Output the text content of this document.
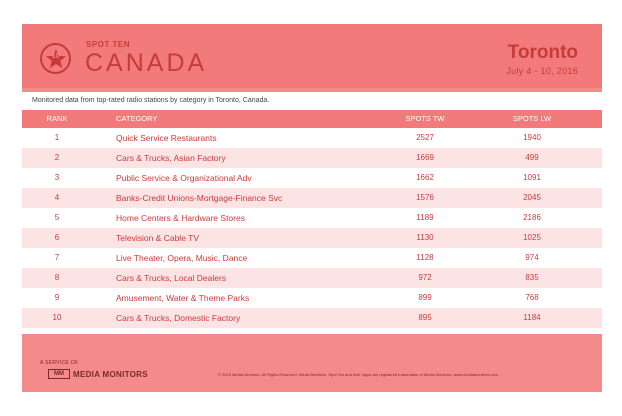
10
SPOT TEN
CANADA	Toronto
July 4 - 10, 2016
Monitored data from top-rated radio stations by category in Toronto, Canada.
RANK	CATEGORY	SPOTS TW	SPOTS LW
1	Quick Service Restaurants	2527	1940
2	Cars & Trucks, Asian Factory	1669	499
3	Public Service & Organizational Adv	1662	1091
4	Banks-Credit Unions-Mortgage-Finance Svc	1576	2045
5	Home Centers & Hardware Stores	1189	2186
6	Television & Cable TV	1130	1025
7	Live Theater, Opera, Music, Dance	1128	974
8	Cars & Trucks, Local Dealers	972	835
9	Amusement, Water & Theme Parks	899	768
10	Cars & Trucks, Domestic Factory	895	1184
A SERVICE OF
MM MEDIA MONITORS	© 2016 Media Monitors. All Rights Reserved. Media Monitors, Spot Ten and their logos are registered trademarks of Media Monitors. www.mediamonitors.com
